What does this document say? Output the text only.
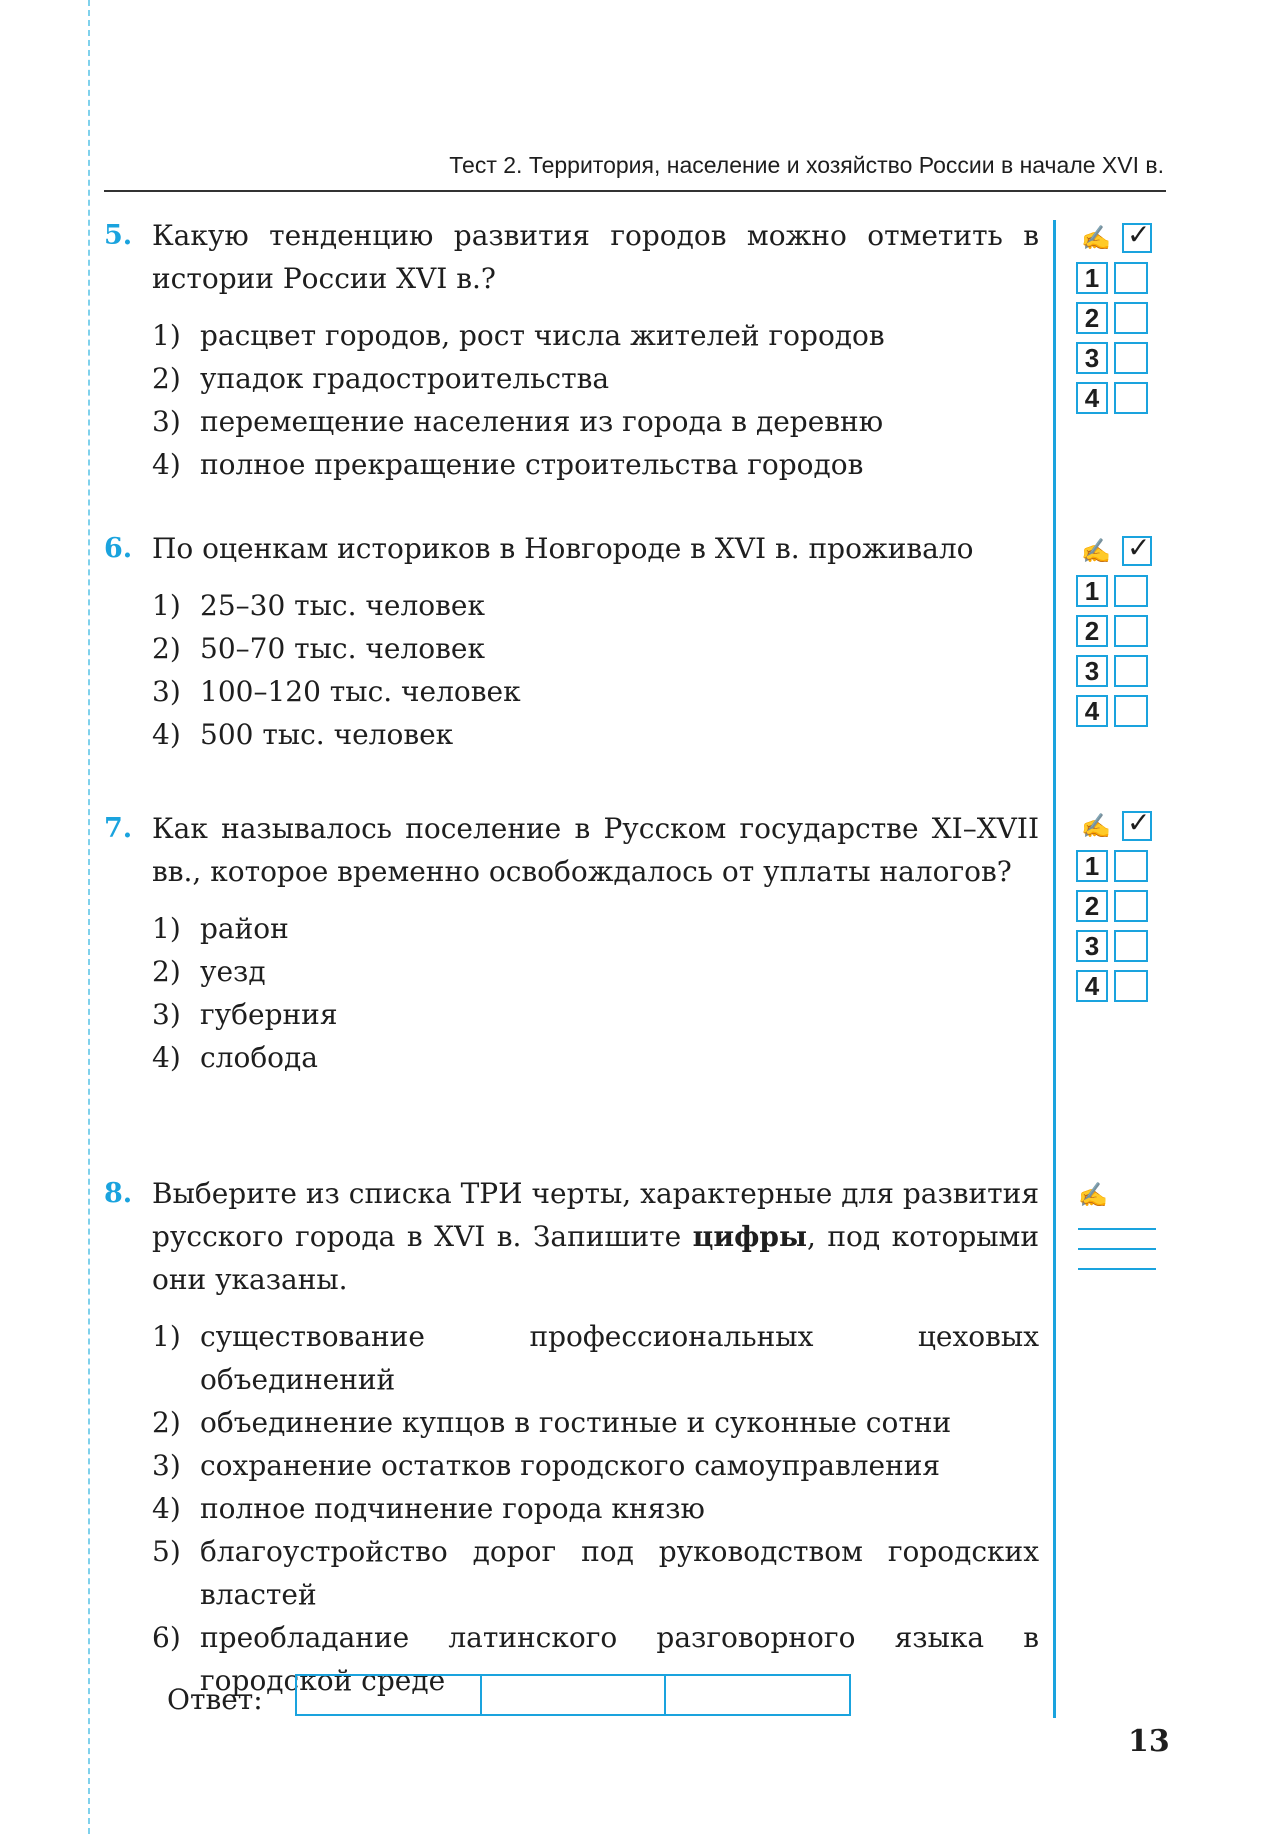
Тест 2. Территория, население и хозяйство России в начале XVI в.
5. Какую тенденцию развития городов можно отметить в истории России XVI в.?
1) расцвет городов, рост числа жителей городов
2) упадок градостроительства
3) перемещение населения из города в деревню
4) полное прекращение строительства городов
6. По оценкам историков в Новгороде в XVI в. проживало
1) 25–30 тыс. человек
2) 50–70 тыс. человек
3) 100–120 тыс. человек
4) 500 тыс. человек
7. Как называлось поселение в Русском государстве XI–XVII вв., которое временно освобождалось от уплаты налогов?
1) район
2) уезд
3) губерния
4) слобода
8. Выберите из списка ТРИ черты, характерные для развития русского города в XVI в. Запишите цифры, под которыми они указаны.
1) существование профессиональных цеховых объединений
2) объединение купцов в гостиные и суконные сотни
3) сохранение остатков городского самоуправления
4) полное подчинение города князю
5) благоустройство дорог под руководством городских властей
6) преобладание латинского разговорного языка в городской среде
✍ ✓
1
2
3
4
✍ ✓
1
2
3
4
✍ ✓
1
2
3
4
✍
Ответ:
13
